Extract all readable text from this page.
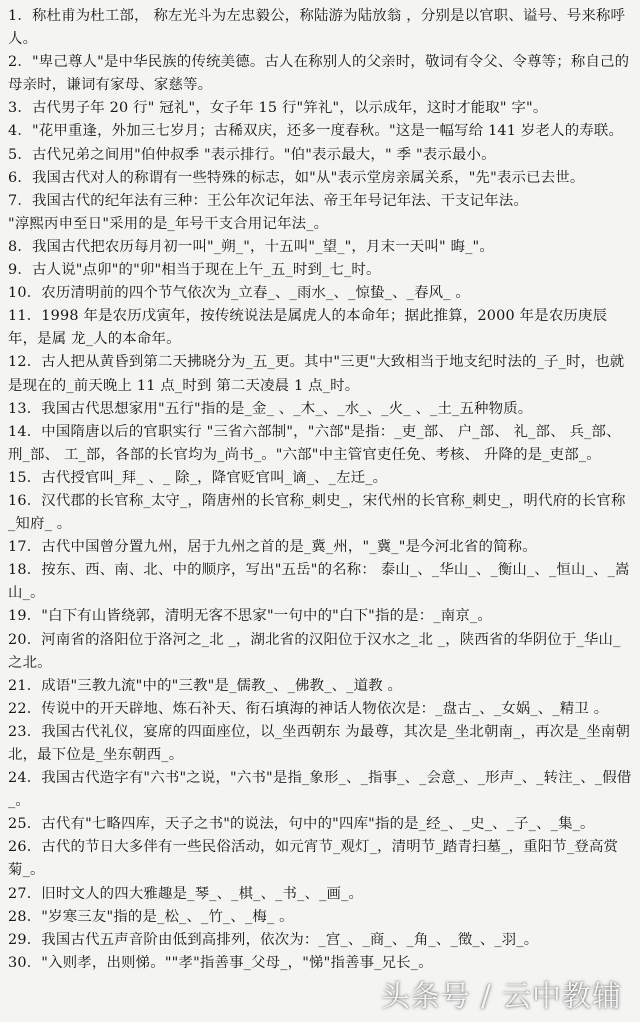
1．称杜甫为杜工部， 称左光斗为左忠毅公，称陆游为陆放翁 ，分别是以官职、谥号、号来称呼人。

2．"卑己尊人"是中华民族的传统美德。古人在称别人的父亲时，敬词有令父、令尊等；称自己的母亲时，谦词有家母、家慈等。

3．古代男子年 20 行" 冠礼"，女子年 15 行"笄礼"，以示成年，这时才能取" 字"。

4．"花甲重逢，外加三七岁月；古稀双庆，还多一度春秋。"这是一幅写给 141 岁老人的寿联。

5．古代兄弟之间用"伯仲叔季 "表示排行。"伯"表示最大，" 季 "表示最小。

6．我国古代对人的称谓有一些特殊的标志，如"从"表示堂房亲属关系，"先"表示已去世。

7．我国古代的纪年法有三种：王公年次记年法、帝王年号记年法、干支记年法。

"淳熙丙申至日"采用的是_年号干支合用记年法_。

8．我国古代把农历每月初一叫"_朔_"，十五叫"_望_"，月末一天叫" 晦_"。

9．古人说"点卯"的"卯"相当于现在上午_五_时到_七_时。

10．农历清明前的四个节气依次为_立春_、_雨水_、_惊蛰_、_春风_ 。

11．1998 年是农历戊寅年，按传统说法是属虎人的本命年；据此推算，2000 年是农历庚辰年，是属 龙_人的本命年。

12．古人把从黄昏到第二天拂晓分为_五_更。其中"三更"大致相当于地支纪时法的_子_时，也就是现在的_前天晚上 11 点_时到 第二天凌晨 1 点_时。

13．我国古代思想家用"五行"指的是_金_ 、_木_、_水_、_火_ 、_土_五种物质。

14．中国隋唐以后的官职实行 "三省六部制"，"六部"是指：_吏_部、 户_部、 礼_部、 兵_部、 刑_部、 工_部，各部的长官均为_尚书_。"六部"中主管官吏任免、考核、 升降的是_吏部_。

15．古代授官叫_拜_ 、_ 除_，降官贬官叫_谪_、_左迁_。

16．汉代郡的长官称_太守_，隋唐州的长官称_刺史_，宋代州的长官称_刺史_，明代府的长官称_知府_ 。

17．古代中国曾分置九州，居于九州之首的是_冀_州，"_冀_"是今河北省的简称。

18．按东、西、南、北、中的顺序，写出"五岳"的名称： 泰山_、_华山_、_衡山_、_恒山_、_嵩山_。

19．"白下有山皆绕郭，清明无客不思家"一句中的"白下"指的是：_南京_。

20．河南省的洛阳位于洛河之_北 _，湖北省的汉阳位于汉水之_北 _，陕西省的华阴位于_华山_之北。

21．成语"三教九流"中的"三教"是_儒教_、_佛教_、_道教 。

22．传说中的开天辟地、炼石补天、衔石填海的神话人物依次是：_盘古_、_女娲_、_精卫 。

23．我国古代礼仪，宴席的四面座位，以_坐西朝东 为最尊，其次是_坐北朝南_，再次是_坐南朝北，最下位是_坐东朝西_。

24．我国古代造字有"六书"之说，"六书"是指_象形_、_指事_、_会意_、_形声_、_转注_、_假借_。

25．古代有"七略四库，天子之书"的说法，句中的"四库"指的是_经_、_史_、_子_、_集_。

26．古代的节日大多伴有一些民俗活动，如元宵节_观灯_，清明节_踏青扫墓_，重阳节_登高赏菊_。

27．旧时文人的四大雅趣是_琴_、_棋_、_书_、_画_。

28．"岁寒三友"指的是_松_、_竹_、_梅_ 。

29．我国古代五声音阶由低到高排列，依次为：_宫_、_商_、_角_、_徵_、_羽_。

30．"入则孝，出则悌。""孝"指善事_父母_，"悌"指善事_兄长_。

头条号 / 云中教辅
